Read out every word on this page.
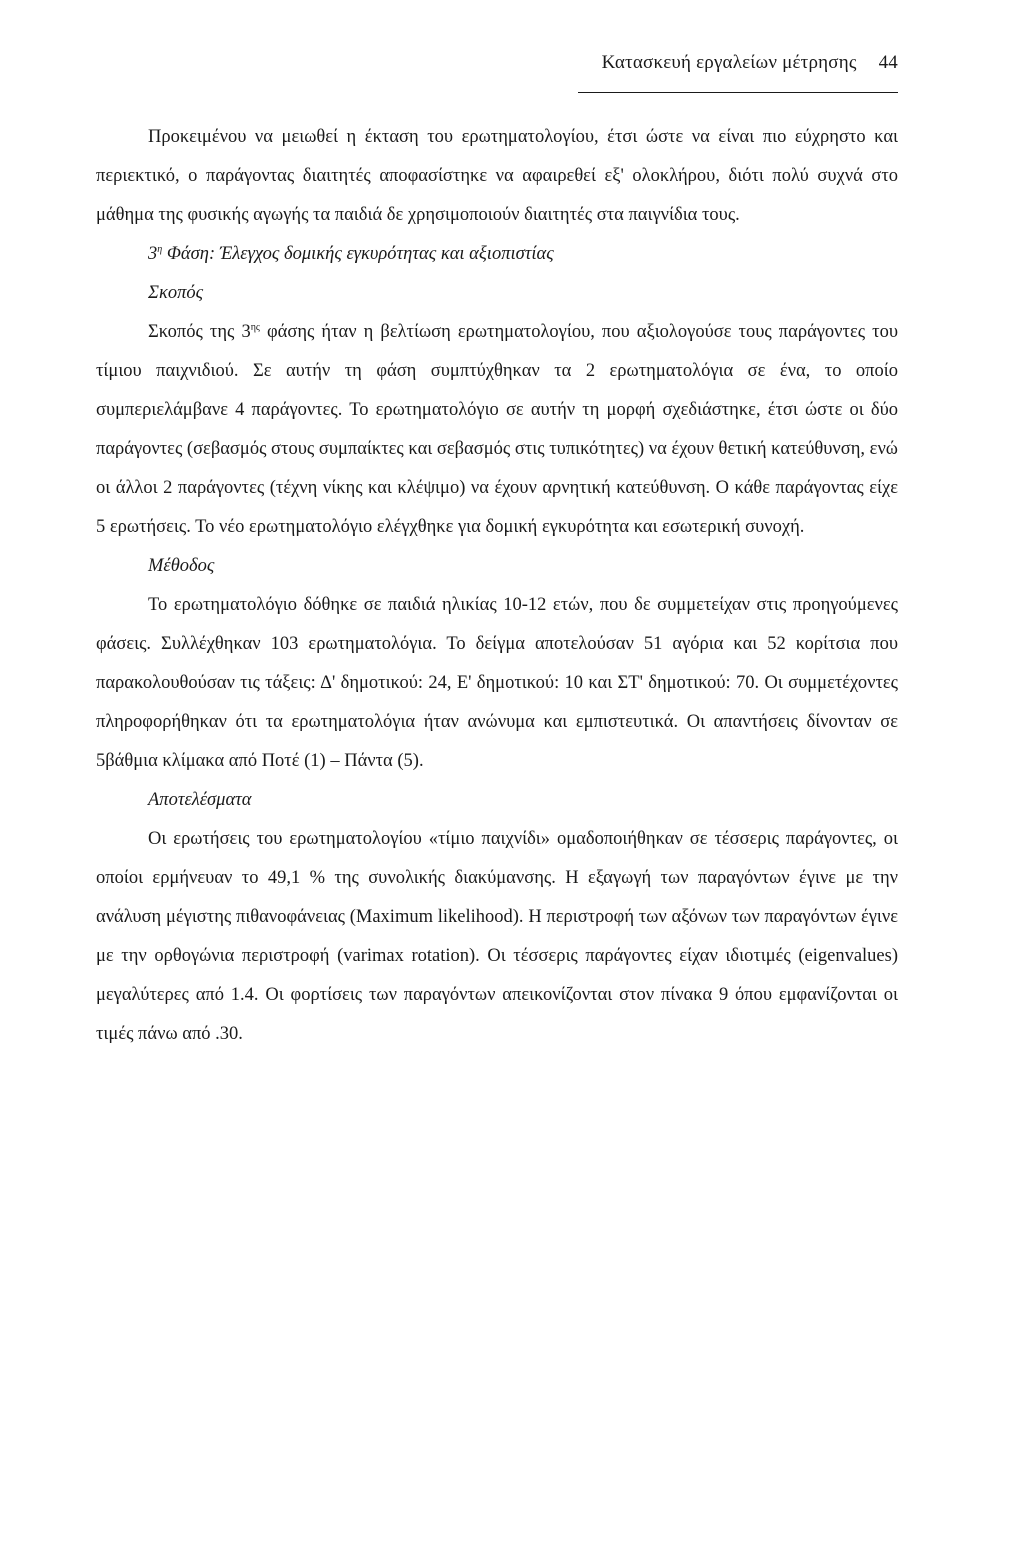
Κατασκευή εργαλείων μέτρησης 44

Προκειμένου να μειωθεί η έκταση του ερωτηματολογίου, έτσι ώστε να είναι πιο εύχρηστο και περιεκτικό, ο παράγοντας διαιτητές αποφασίστηκε να αφαιρεθεί εξ' ολοκλήρου, διότι πολύ συχνά στο μάθημα της φυσικής αγωγής τα παιδιά δε χρησιμοποιούν διαιτητές στα παιγνίδια τους.

$3^\eta$ Φάση: Έλεγχος δομικής εγκυρότητας και αξιοπιστίας

Σκοπός

Σκοπός της $3^{\eta\varsigma}$ φάσης ήταν η βελτίωση ερωτηματολογίου, που αξιολογούσε τους παράγοντες του τίμιου παιχνιδιού. Σε αυτήν τη φάση συμπτύχθηκαν τα 2 ερωτηματολόγια σε ένα, το οποίο συμπεριελάμβανε 4 παράγοντες. Το ερωτηματολόγιο σε αυτήν τη μορφή σχεδιάστηκε, έτσι ώστε οι δύο παράγοντες (σεβασμός στους συμπαίκτες και σεβασμός στις τυπικότητες) να έχουν θετική κατεύθυνση, ενώ οι άλλοι 2 παράγοντες (τέχνη νίκης και κλέψιμο) να έχουν αρνητική κατεύθυνση. Ο κάθε παράγοντας είχε 5 ερωτήσεις. Το νέο ερωτηματολόγιο ελέγχθηκε για δομική εγκυρότητα και εσωτερική συνοχή.

Μέθοδος

Το ερωτηματολόγιο δόθηκε σε παιδιά ηλικίας 10-12 ετών, που δε συμμετείχαν στις προηγούμενες φάσεις. Συλλέχθηκαν 103 ερωτηματολόγια. Το δείγμα αποτελούσαν 51 αγόρια και 52 κορίτσια που παρακολουθούσαν τις τάξεις: Δ' δημοτικού: 24, Ε' δημοτικού: 10 και ΣΤ' δημοτικού: 70. Οι συμμετέχοντες πληροφορήθηκαν ότι τα ερωτηματολόγια ήταν ανώνυμα και εμπιστευτικά. Οι απαντήσεις δίνονταν σε 5βάθμια κλίμακα από Ποτέ (1) – Πάντα (5).

Αποτελέσματα

Οι ερωτήσεις του ερωτηματολογίου «τίμιο παιχνίδι» ομαδοποιήθηκαν σε τέσσερις παράγοντες, οι οποίοι ερμήνευαν το 49,1 % της συνολικής διακύμανσης. Η εξαγωγή των παραγόντων έγινε με την ανάλυση μέγιστης πιθανοφάνειας (Maximum likelihood). Η περιστροφή των αξόνων των παραγόντων έγινε με την ορθογώνια περιστροφή (varimax rotation). Οι τέσσερις παράγοντες είχαν ιδιοτιμές (eigenvalues) μεγαλύτερες από 1.4. Οι φορτίσεις των παραγόντων απεικονίζονται στον πίνακα 9 όπου εμφανίζονται οι τιμές πάνω από .30.
